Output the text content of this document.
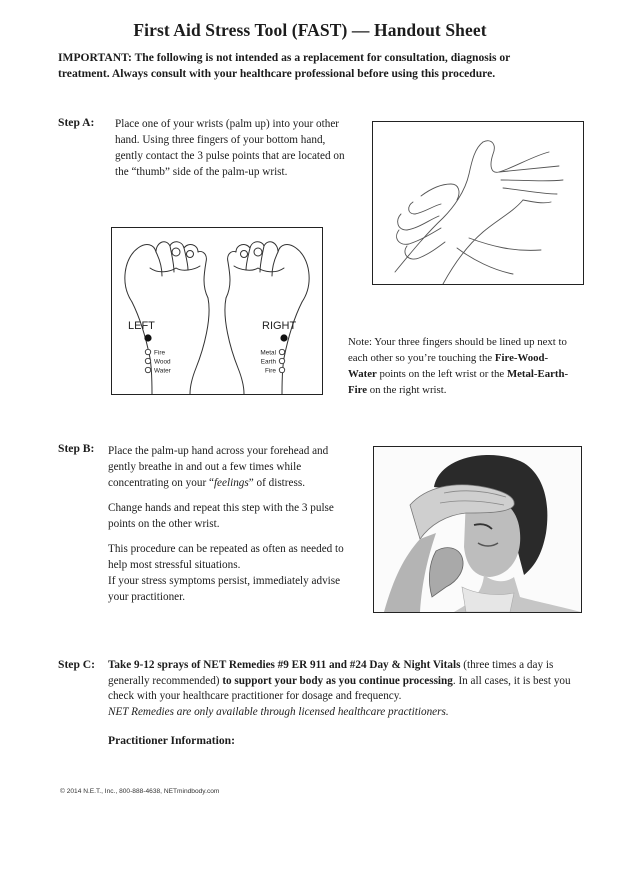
First Aid Stress Tool (FAST) — Handout Sheet
IMPORTANT: The following is not intended as a replacement for consultation, diagnosis or treatment. Always consult with your healthcare professional before using this procedure.
Step A: Place one of your wrists (palm up) into your other hand. Using three fingers of your bottom hand, gently contact the 3 pulse points that are located on the “thumb” side of the palm-up wrist.
LEFT	RIGHT
Fire
Wood
Water
Metal
Earth
Fire
Note: Your three fingers should be lined up next to each other so you’re touching the Fire-Wood-Water points on the left wrist or the Metal-Earth-Fire on the right wrist.
Step B: Place the palm-up hand across your forehead and gently breathe in and out a few times while concentrating on your “feelings” of distress.

Change hands and repeat this step with the 3 pulse points on the other wrist.

This procedure can be repeated as often as needed to help most stressful situations.

If your stress symptoms persist, immediately advise your practitioner.

Step C: Take 9-12 sprays of NET Remedies #9 ER 911 and #24 Day & Night Vitals (three times a day is generally recommended) to support your body as you continue processing. In all cases, it is best you check with your healthcare practitioner for dosage and frequency.
NET Remedies are only available through licensed healthcare practitioners.
Practitioner Information:
© 2014 N.E.T., Inc., 800-888-4638, NETmindbody.com
